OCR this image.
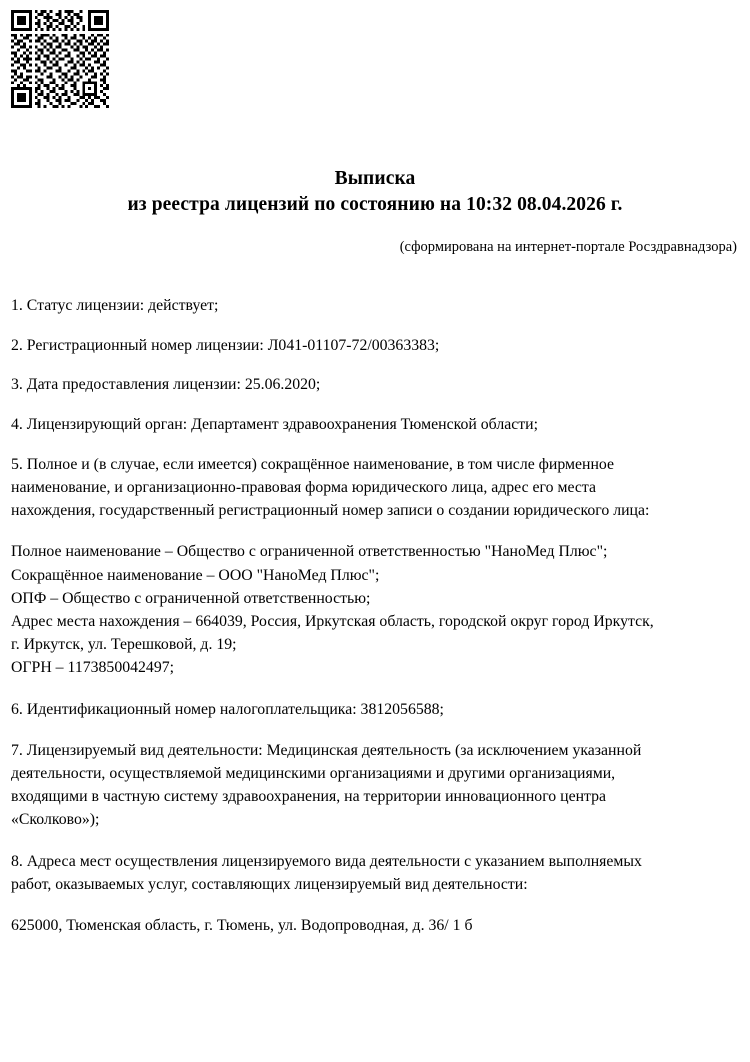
Выписка
из реестра лицензий по состоянию на 10:32 08.04.2026 г.
(сформирована на интернет-портале Росздравнадзора)

1. Статус лицензии: действует;

2. Регистрационный номер лицензии: Л041-01107-72/00363383;

3. Дата предоставления лицензии: 25.06.2020;

4. Лицензирующий орган: Департамент здравоохранения Тюменской области;

5. Полное и (в случае, если имеется) сокращённое наименование, в том числе фирменное

наименование, и организационно-правовая форма юридического лица, адрес его места

нахождения, государственный регистрационный номер записи о создании юридического лица:

Полное наименование – Общество с ограниченной ответственностью "НаноМед Плюс";

Сокращённое наименование – ООО "НаноМед Плюс";

ОПФ – Общество с ограниченной ответственностью;

Адрес места нахождения – 664039, Россия, Иркутская область, городской округ город Иркутск,

г. Иркутск, ул. Терешковой, д. 19;

ОГРН – 1173850042497;

6. Идентификационный номер налогоплательщика: 3812056588;

7. Лицензируемый вид деятельности: Медицинская деятельность (за исключением указанной

деятельности, осуществляемой медицинскими организациями и другими организациями,

входящими в частную систему здравоохранения, на территории инновационного центра

«Сколково»);

8. Адреса мест осуществления лицензируемого вида деятельности с указанием выполняемых

работ, оказываемых услуг, составляющих лицензируемый вид деятельности:

625000, Тюменская область, г. Тюмень, ул. Водопроводная, д. 36/ 1 б
